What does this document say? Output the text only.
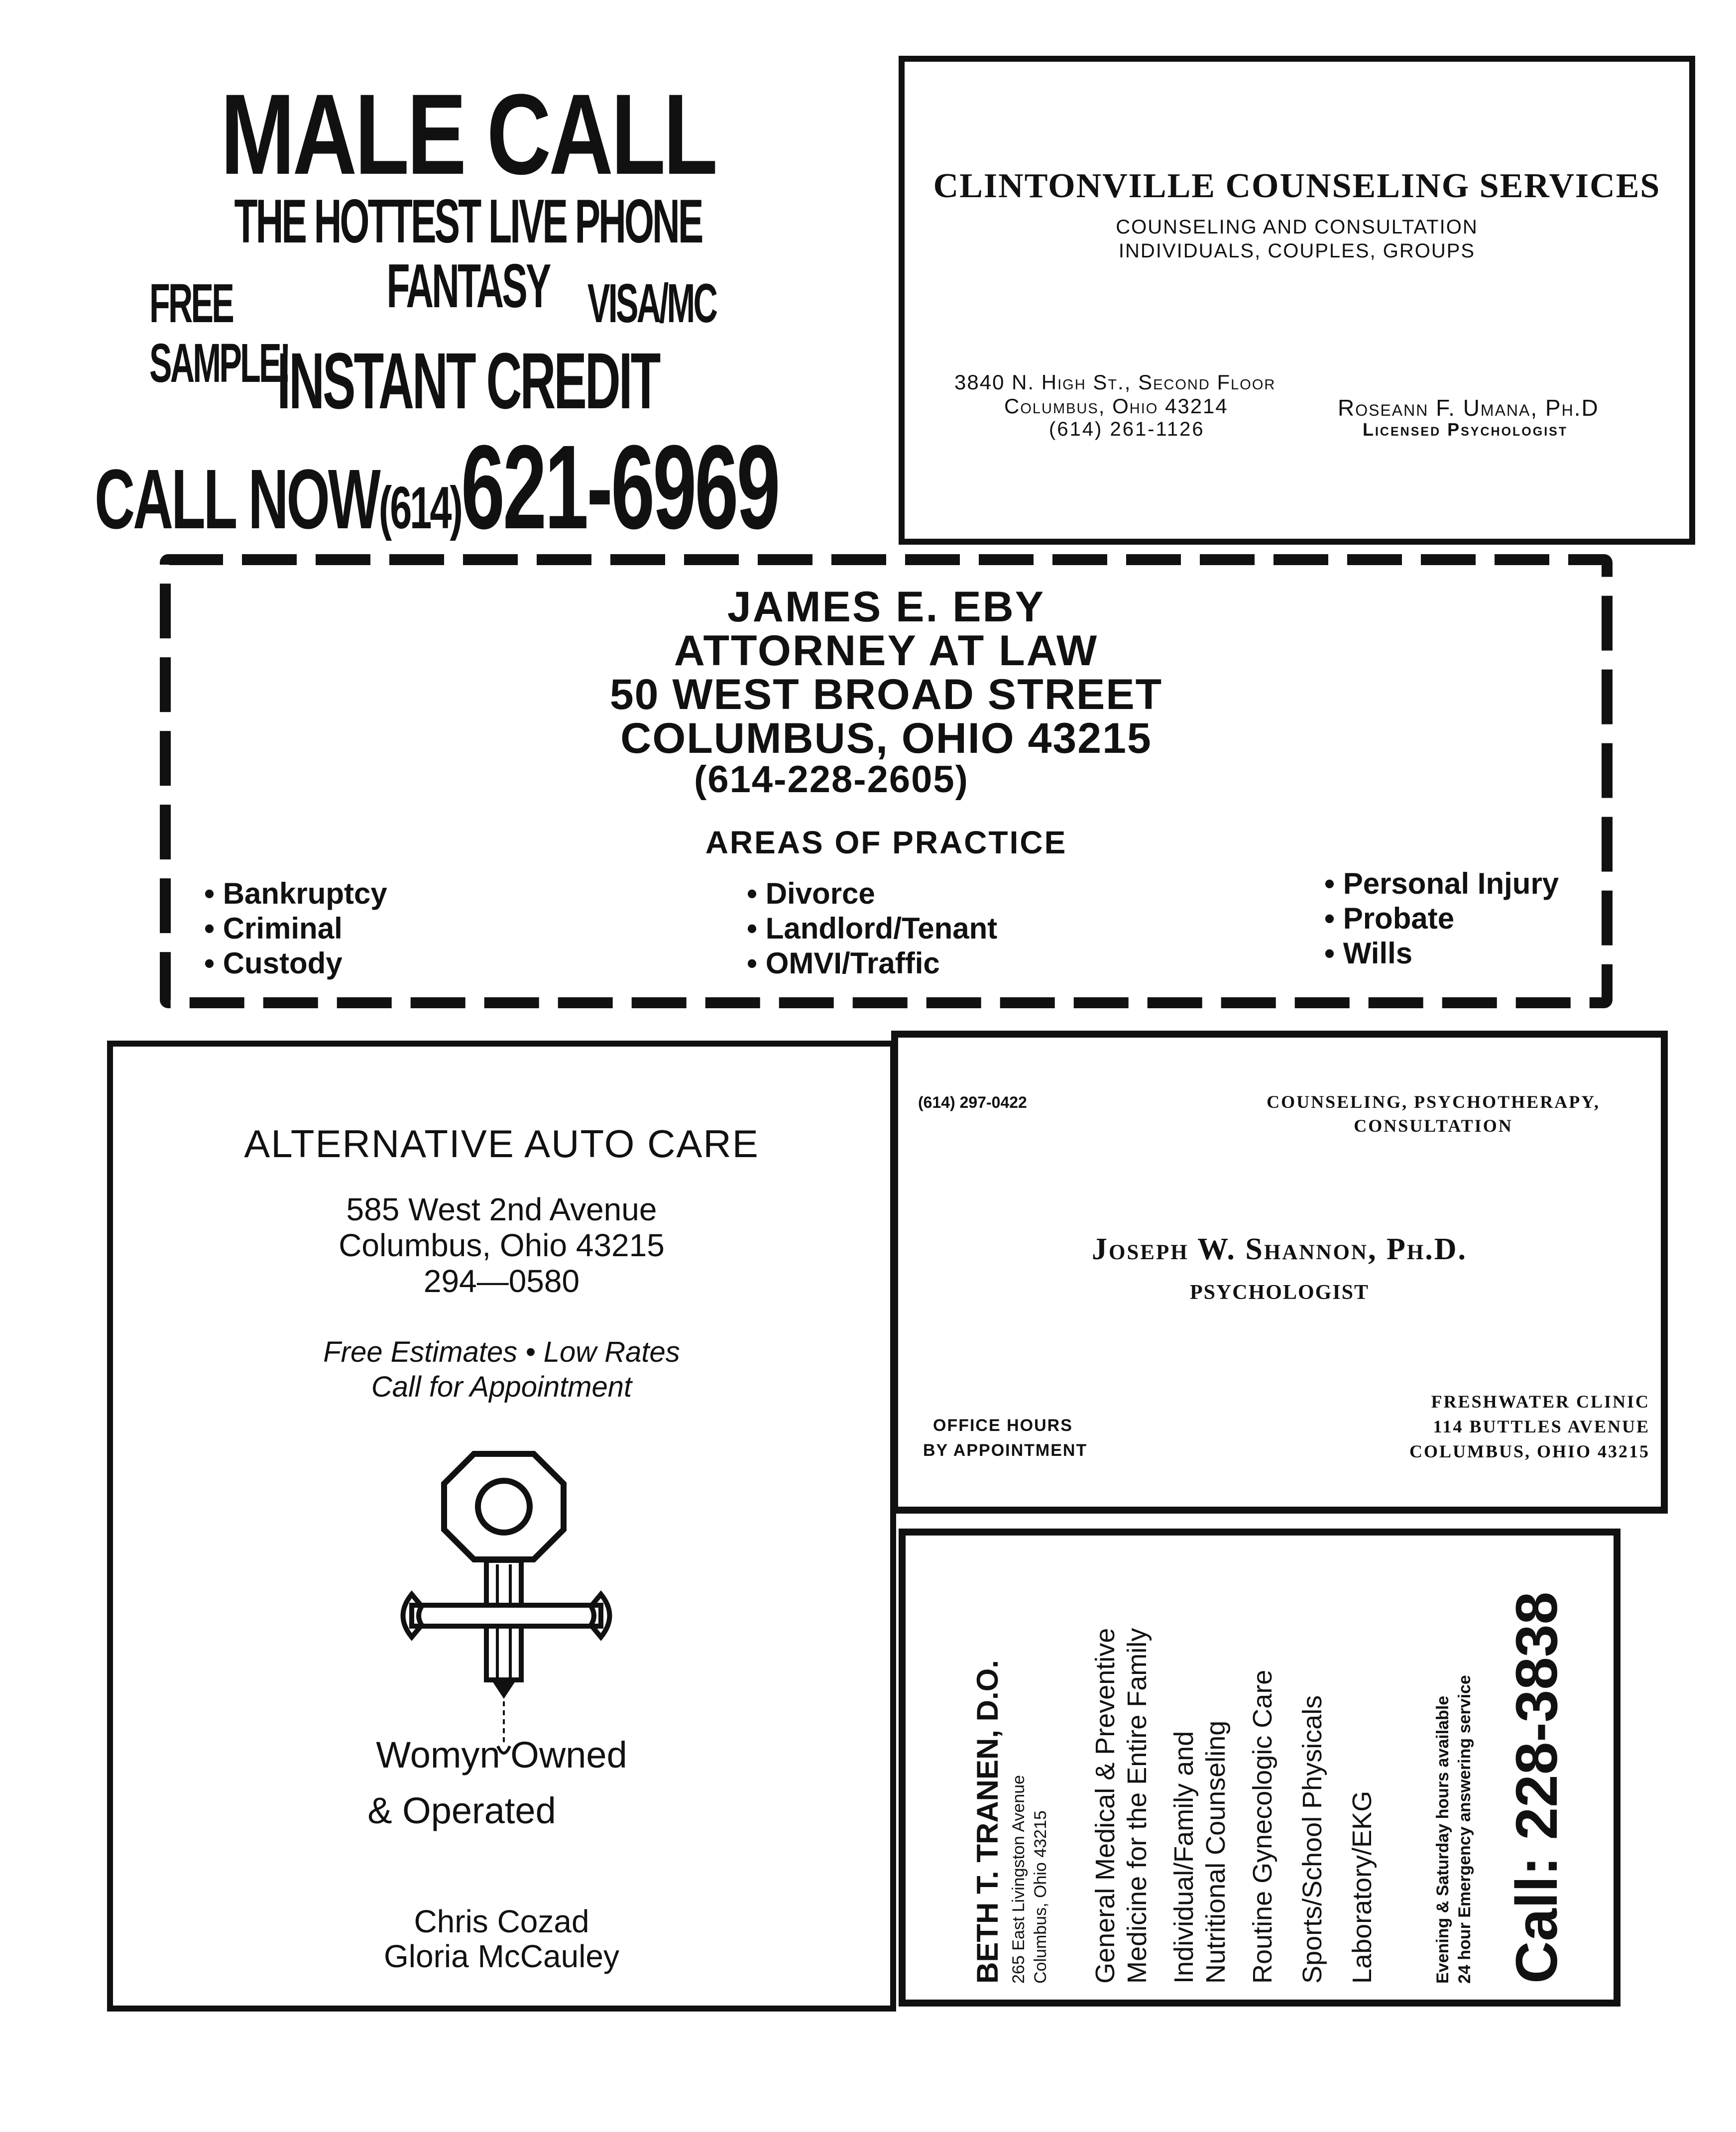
MALE CALL
THE HOTTEST LIVE PHONE FANTASY
FREE SAMPLE!
VISA/MC
INSTANT CREDIT
CALL NOW (614) 621-6969
CLINTONVILLE COUNSELING SERVICES
COUNSELING AND CONSULTATION
INDIVIDUALS, COUPLES, GROUPS
3840 N. High St., Second Floor
Columbus, Ohio 43214
(614) 261-1126
Roseann F. Umana, Ph.D
Licensed Psychologist
JAMES E. EBY
ATTORNEY AT LAW
50 WEST BROAD STREET
COLUMBUS, OHIO 43215
(614-228-2605)
AREAS OF PRACTICE
• Bankruptcy
• Criminal
• Custody
• Divorce
• Landlord/Tenant
• OMVI/Traffic
• Personal Injury
• Probate
• Wills
ALTERNATIVE AUTO CARE
585 West 2nd Avenue
Columbus, Ohio 43215
294—0580
Free Estimates • Low Rates
Call for Appointment
Womyn Owned
& Operated
Chris Cozad
Gloria McCauley
(614) 297-0422	COUNSELING, PSYCHOTHERAPY,
CONSULTATION
Joseph W. Shannon, Ph.D.
PSYCHOLOGIST
OFFICE HOURS
BY APPOINTMENT
FRESHWATER CLINIC
114 BUTTLES AVENUE
COLUMBUS, OHIO 43215
BETH T. TRANEN, D.O. 265 East Livingston Avenue Columbus, Ohio 43215 General Medical & Preventive Medicine for the Entire Family Individual/Family and Nutritional Counseling Routine Gynecologic Care Sports/School Physicals Laboratory/EKG	Evening & Saturday hours available 24 hour Emergency answering service Call: 228-3838
